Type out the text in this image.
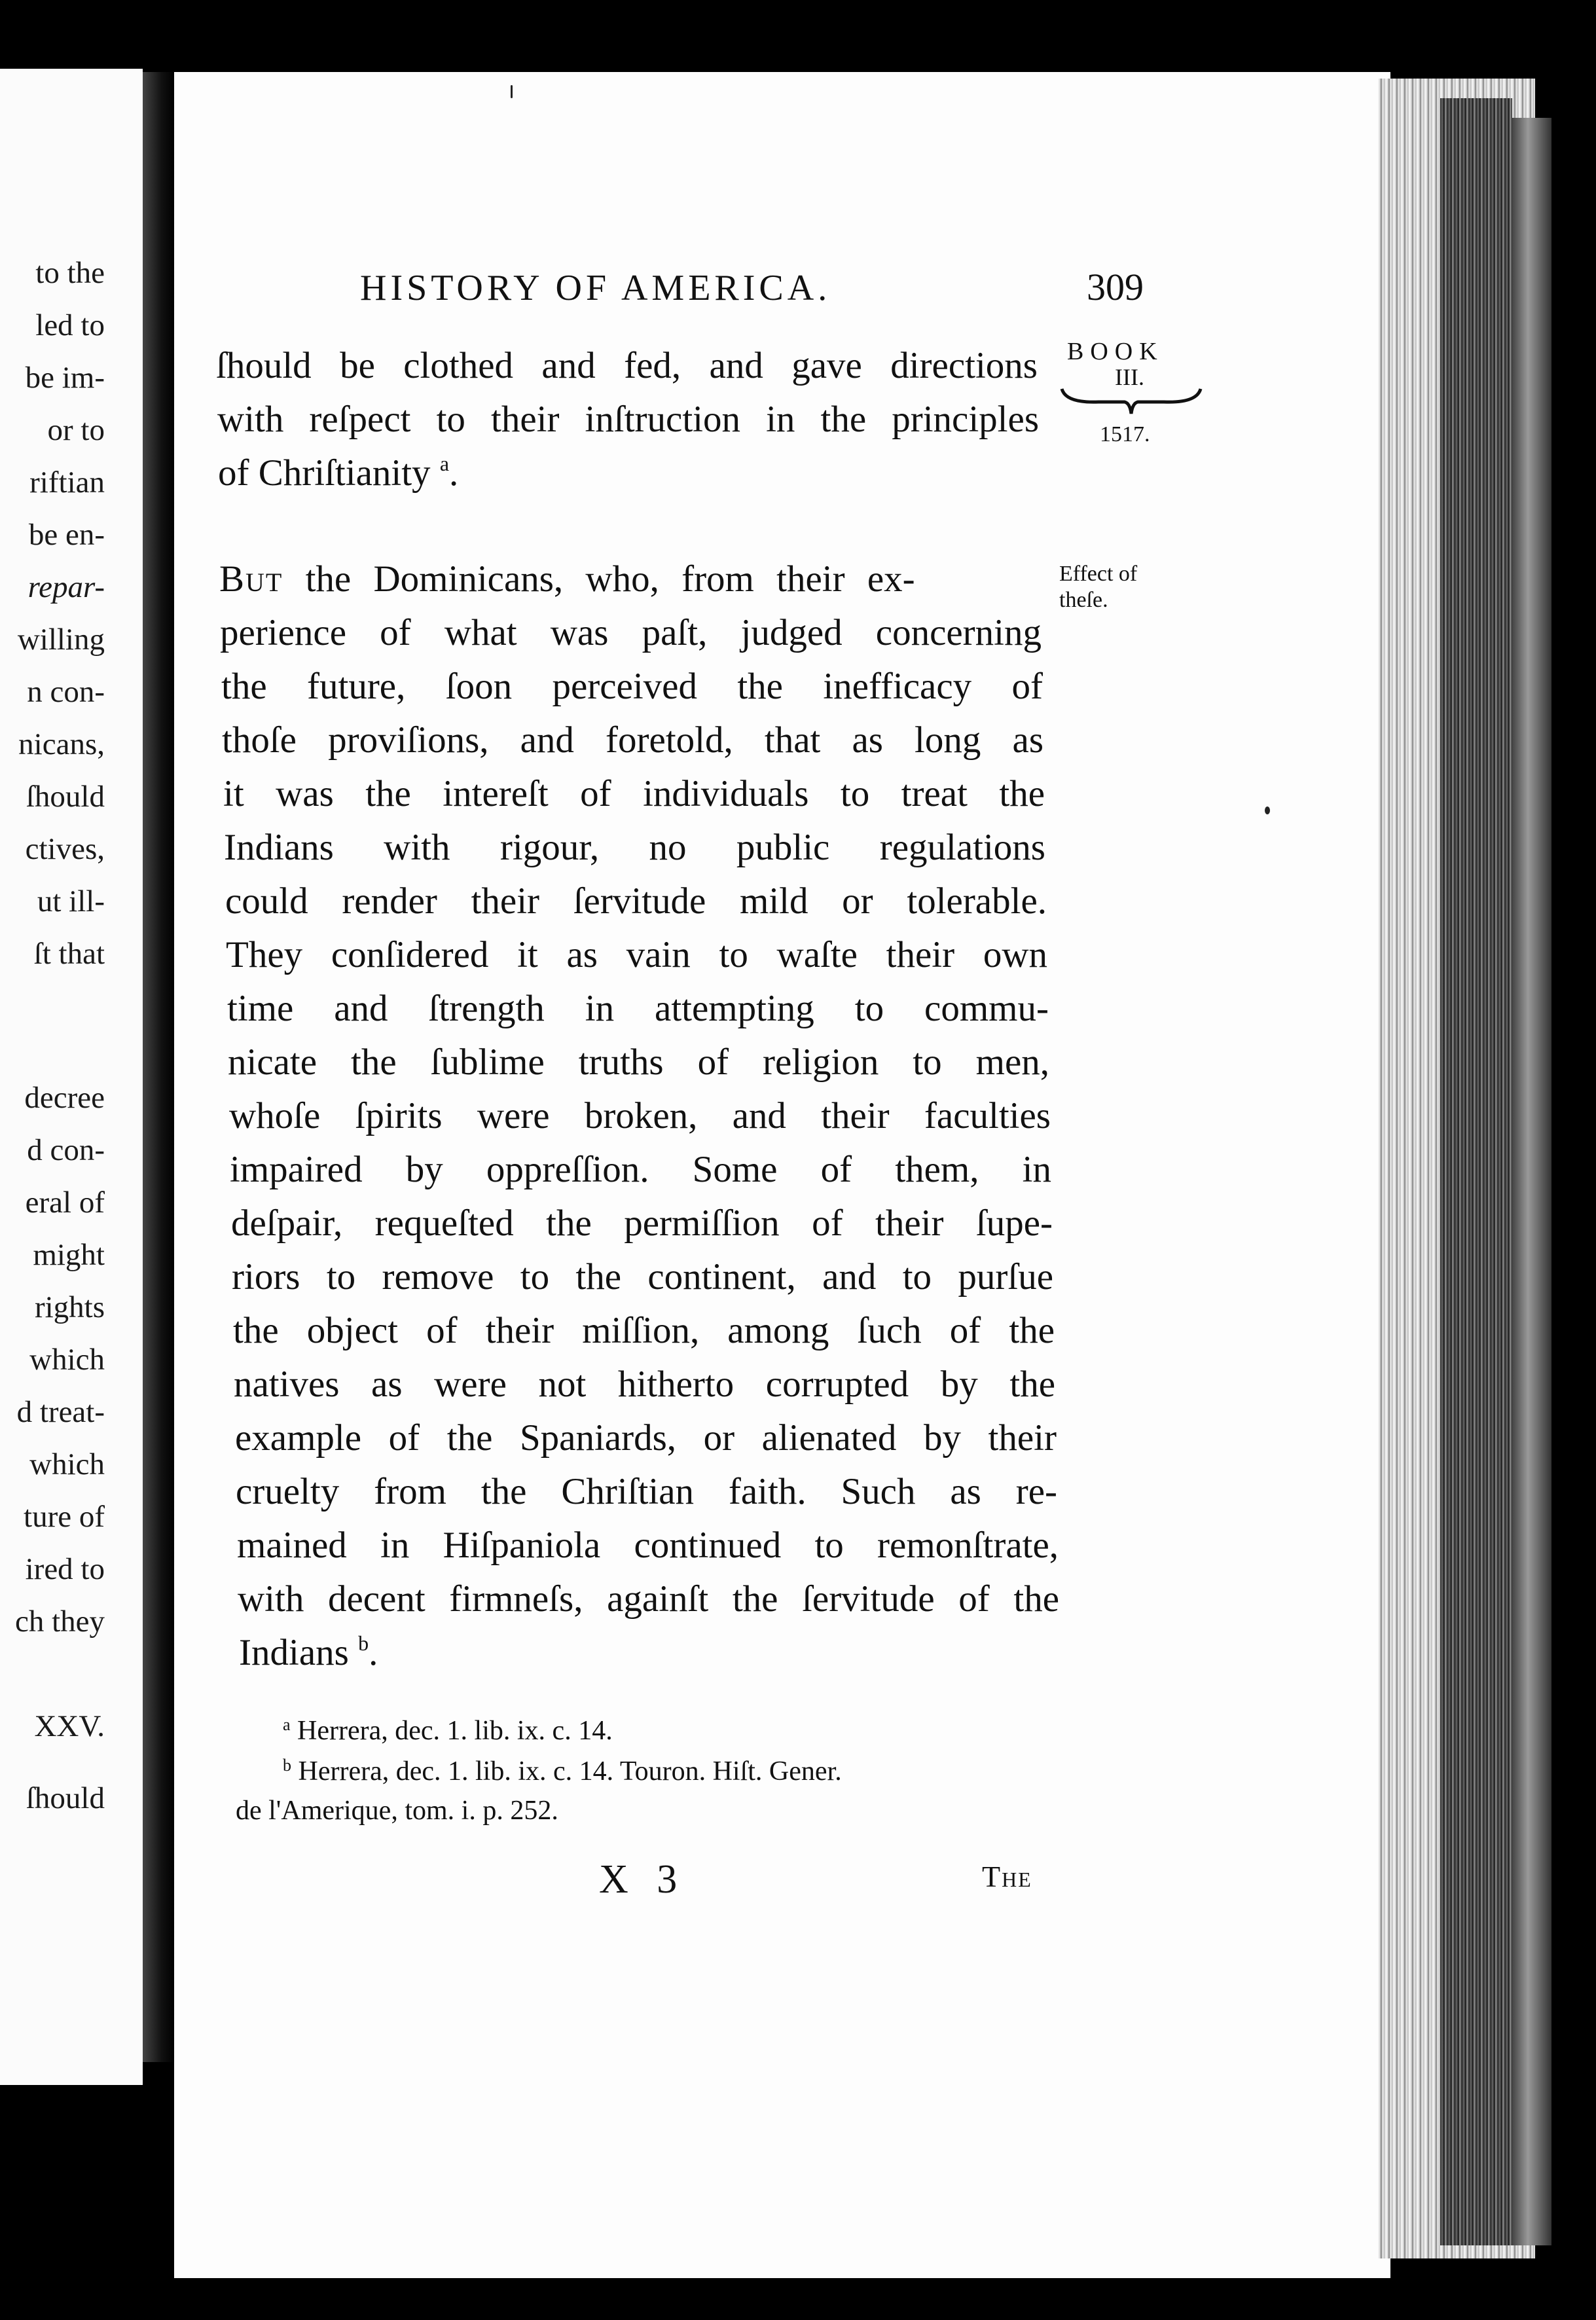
to the
led to
be im-
or to
riftian
be en-
repar-
willing
n con-
nicans,
ſhould
ctives,
ut ill-
ſt that
decree
d con-
eral of
might
rights
which
d treat-
which
ture of
ired to
ch they
XXV.
ſhould
HISTORY OF AMERICA.	309
BOOK
III.
1517.
Effect of
theſe.
ſhould be clothed and fed, and gave directions
with reſpect to their inſtruction in the principles
of Chriſtianity $^a$.
But the Dominicans, who, from their ex-
perience of what was paſt, judged concerning
the future, ſoon perceived the inefficacy of
thoſe proviſions, and foretold, that as long as
it was the intereſt of individuals to treat the
Indians with rigour, no public regulations
could render their ſervitude mild or tolerable.
They conſidered it as vain to waſte their own
time and ſtrength in attempting to commu-
nicate the ſublime truths of religion to men,
whoſe ſpirits were broken, and their faculties
impaired by oppreſſion. Some of them, in
deſpair, requeſted the permiſſion of their ſupe-
riors to remove to the continent, and to purſue
the object of their miſſion, among ſuch of the
natives as were not hitherto corrupted by the
example of the Spaniards, or alienated by their
cruelty from the Chriſtian faith. Such as re-
mained in Hiſpaniola continued to remonſtrate,
with decent firmneſs, againſt the ſervitude of the
Indians $^b$.
$^a$ Herrera, dec. 1. lib. ix. c. 14.
$^b$ Herrera, dec. 1. lib. ix. c. 14. Touron. Hiſt. Gener.
de l'Amerique, tom. i. p. 252.
X 3	The
